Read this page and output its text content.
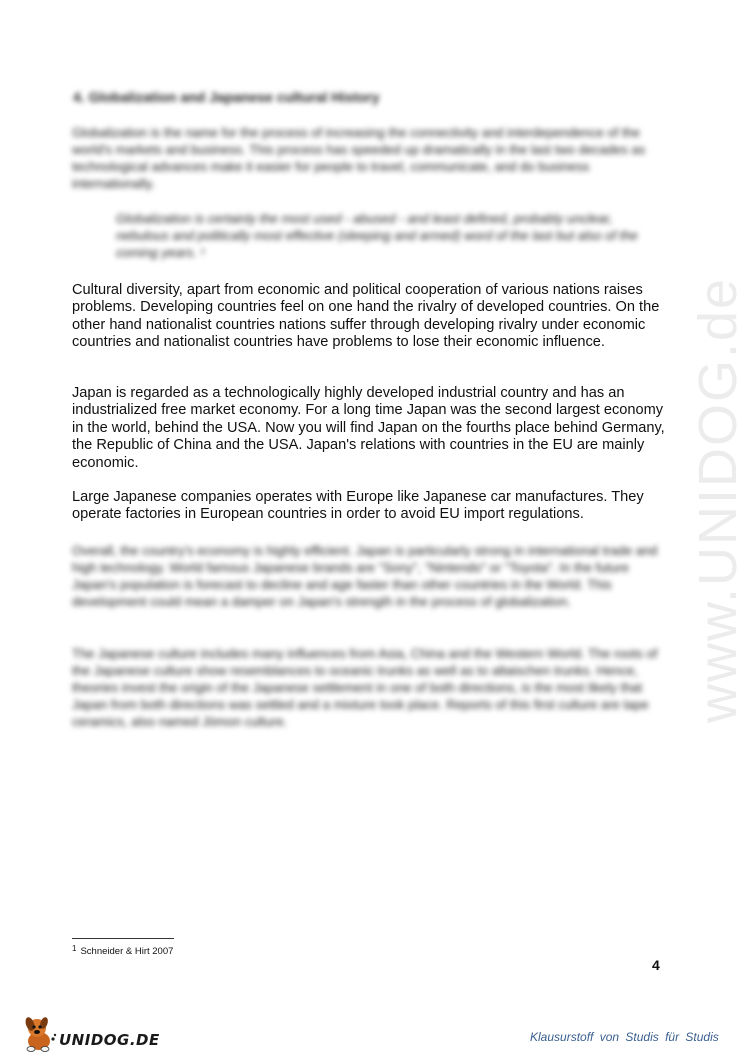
www.UNIDOG.de
4. Globalization and Japanese cultural History

Globalization is the name for the process of increasing the connectivity and interdependence of the world's markets and business. This process has speeded up dramatically in the last two decades as technological advances make it easier for people to travel, communicate, and do business internationally.

Globalization is certainly the most used - abused - and least defined, probably unclear, nebulous and politically most effective (sleeping and armed) word of the last but also of the coming years. ¹

Cultural diversity, apart from economic and political cooperation of various nations raises problems. Developing countries feel on one hand the rivalry of developed countries. On the other hand nationalist countries nations suffer through developing rivalry under economic countries and nationalist countries have problems to lose their economic influence.

Japan is regarded as a technologically highly developed industrial country and has an industrialized free market economy. For a long time Japan was the second largest economy in the world, behind the USA. Now you will find Japan on the fourths place behind Germany, the Republic of China and the USA. Japan's relations with countries in the EU are mainly economic.

Large Japanese companies operates with Europe like Japanese car manufactures. They operate factories in European countries in order to avoid EU import regulations.

Overall, the country's economy is highly efficient. Japan is particularly strong in international trade and high technology. World famous Japanese brands are "Sony", "Nintendo" or "Toyota". In the future Japan's population is forecast to decline and age faster than other countries in the World. This development could mean a damper on Japan's strength in the process of globalization.

The Japanese culture includes many influences from Asia, China and the Western World. The roots of the Japanese culture show resemblances to oceanic trunks as well as to altaischen trunks. Hence, theories invest the origin of the Japanese settlement in one of both directions, is the most likely that Japan from both directions was settled and a mixture took place. Reports of this first culture are tape ceramics, also named Jōmon culture.

$^1$ Schneider & Hirt 2007
4
UNIDOG.DE	Klausurstoff von Studis für Studis
